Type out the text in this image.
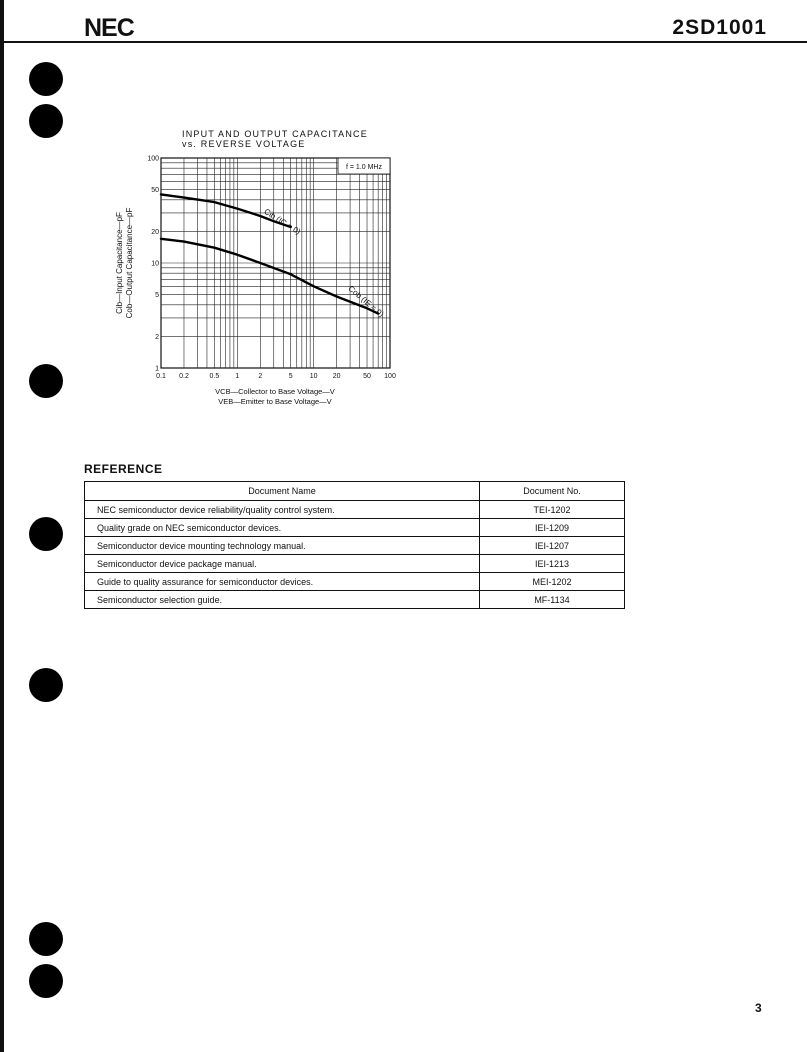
NEC	2SD1001
INPUT AND OUTPUT CAPACITANCE
vs. REVERSE VOLTAGE
0.1 0.2	0.5 1	2	5 10 20	50 100
1
2
5
10
20
50
100
f = 1.0 MHz
Cib (IC = 0)
Cob (IE = 0)
VCB—Collector to Base Voltage—V
VEB—Emitter to Base Voltage—V
Cib—Input Capacitance—pF Cob—Output Capacitance—pF
REFERENCE
Document Name	Document No.
NEC semiconductor device reliability/quality control system.	TEI-1202
Quality grade on NEC semiconductor devices.	IEI-1209
Semiconductor device mounting technology manual.	IEI-1207
Semiconductor device package manual.	IEI-1213
Guide to quality assurance for semiconductor devices.	MEI-1202
Semiconductor selection guide.	MF-1134
3
